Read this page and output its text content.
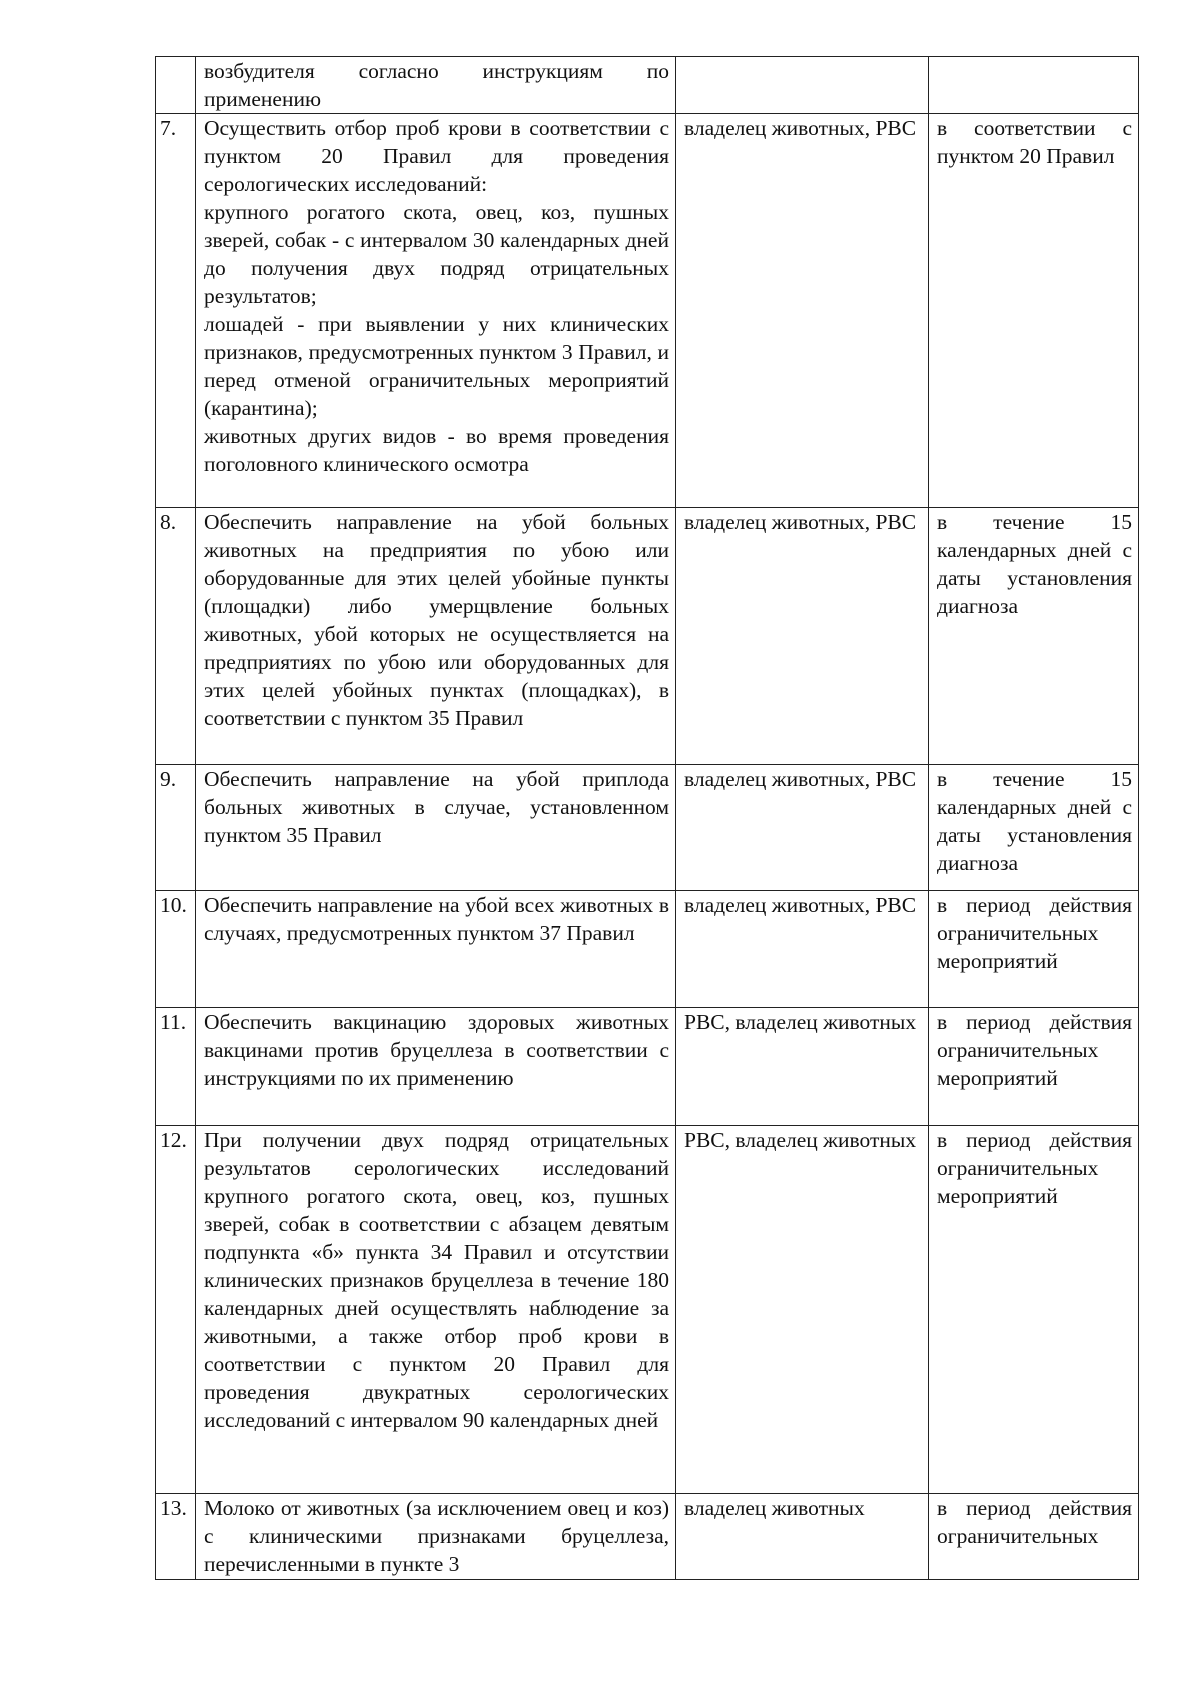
	возбудителя согласно инструкциям по применению		

7.	Осуществить отбор проб крови в соответствии с пунктом 20 Правил для проведения серологических исследований:
крупного рогатого скота, овец, коз, пушных зверей, собак - с интервалом 30 календарных дней до получения двух подряд отрицательных результатов;
лошадей - при выявлении у них клинических признаков, предусмотренных пунктом 3 Правил, и перед отменой ограничительных мероприятий (карантина);
животных других видов - во время проведения поголовного клинического осмотра	владелец животных, РВС	в соответствии с пунктом 20 Правил
8.	Обеспечить направление на убой больных животных на предприятия по убою или оборудованные для этих целей убойные пункты (площадки) либо умерщвление больных животных, убой которых не осуществляется на предприятиях по убою или оборудованных для этих целей убойных пунктах (площадках), в соответствии с пунктом 35 Правил	владелец животных, РВС	в течение 15 календарных дней с даты установления диагноза
9.	Обеспечить направление на убой приплода больных животных в случае, установленном пунктом 35 Правил	владелец животных, РВС	в течение 15 календарных дней с даты установления диагноза
10.	Обеспечить направление на убой всех животных в случаях, предусмотренных пунктом 37 Правил	владелец животных, РВС	в период действия ограничительных мероприятий
11.	Обеспечить вакцинацию здоровых животных вакцинами против бруцеллеза в соответствии с инструкциями по их применению	РВС, владелец животных	в период действия ограничительных мероприятий
12.	При получении двух подряд отрицательных результатов серологических исследований крупного рогатого скота, овец, коз, пушных зверей, собак в соответствии с абзацем девятым подпункта «б» пункта 34 Правил и отсутствии клинических признаков бруцеллеза в течение 180 календарных дней осуществлять наблюдение за животными, а также отбор проб крови в соответствии с пунктом 20 Правил для проведения двукратных серологических исследований с интервалом 90 календарных дней	РВС, владелец животных	в период действия ограничительных мероприятий
13.	Молоко от животных (за исключением овец и коз) с клиническими признаками бруцеллеза, перечисленными в пункте 3	владелец животных	в период действия ограничительных
